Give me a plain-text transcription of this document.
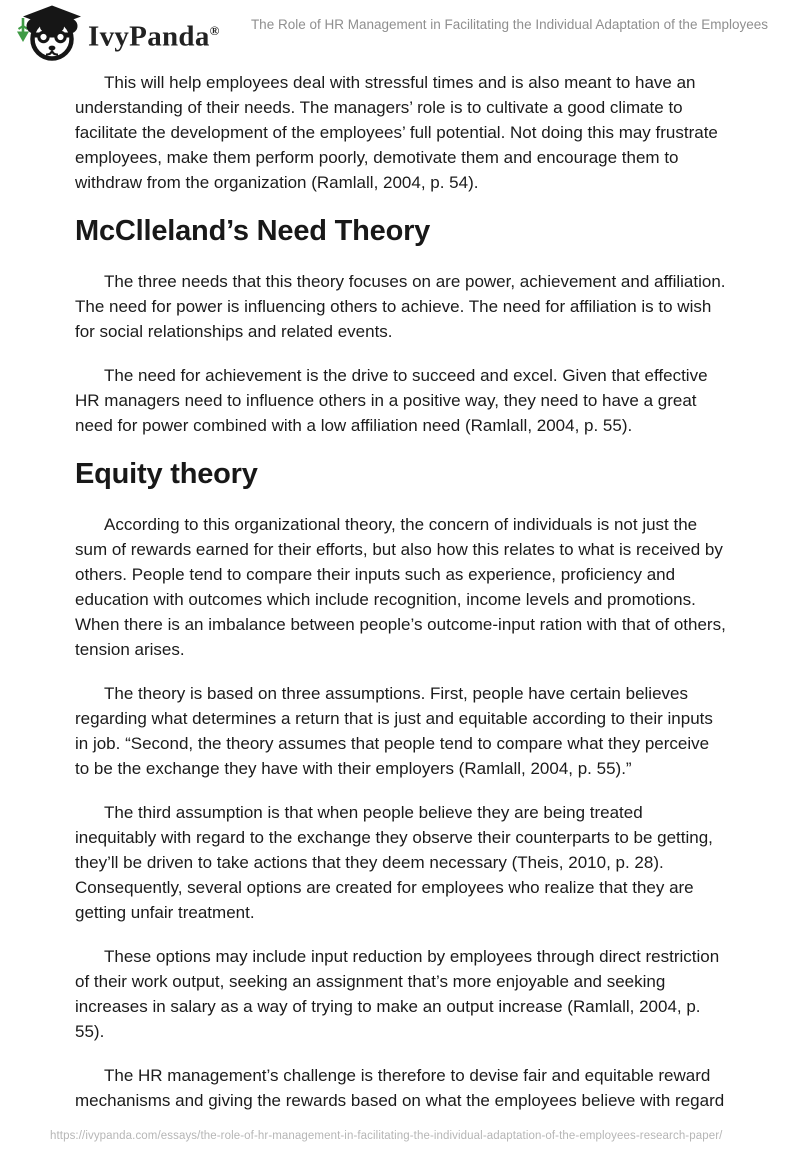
IvyPanda® The Role of HR Management in Facilitating the Individual Adaptation of the Employees

This will help employees deal with stressful times and is also meant to have an understanding of their needs. The managers’ role is to cultivate a good climate to facilitate the development of the employees’ full potential. Not doing this may frustrate employees, make them perform poorly, demotivate them and encourage them to withdraw from the organization (Ramlall, 2004, p. 54).

McClleland’s Need Theory

The three needs that this theory focuses on are power, achievement and affiliation. The need for power is influencing others to achieve. The need for affiliation is to wish for social relationships and related events.

The need for achievement is the drive to succeed and excel. Given that effective HR managers need to influence others in a positive way, they need to have a great need for power combined with a low affiliation need (Ramlall, 2004, p. 55).

Equity theory

According to this organizational theory, the concern of individuals is not just the sum of rewards earned for their efforts, but also how this relates to what is received by others. People tend to compare their inputs such as experience, proficiency and education with outcomes which include recognition, income levels and promotions. When there is an imbalance between people’s outcome-input ration with that of others, tension arises.

The theory is based on three assumptions. First, people have certain believes regarding what determines a return that is just and equitable according to their inputs in job. “Second, the theory assumes that people tend to compare what they perceive to be the exchange they have with their employers (Ramlall, 2004, p. 55).”

The third assumption is that when people believe they are being treated inequitably with regard to the exchange they observe their counterparts to be getting, they’ll be driven to take actions that they deem necessary (Theis, 2010, p. 28). Consequently, several options are created for employees who realize that they are getting unfair treatment.

These options may include input reduction by employees through direct restriction of their work output, seeking an assignment that’s more enjoyable and seeking increases in salary as a way of trying to make an output increase (Ramlall, 2004, p. 55).

The HR management’s challenge is therefore to devise fair and equitable reward mechanisms and giving the rewards based on what the employees believe with regard

https://ivypanda.com/essays/the-role-of-hr-management-in-facilitating-the-individual-adaptation-of-the-employees-research-paper/
